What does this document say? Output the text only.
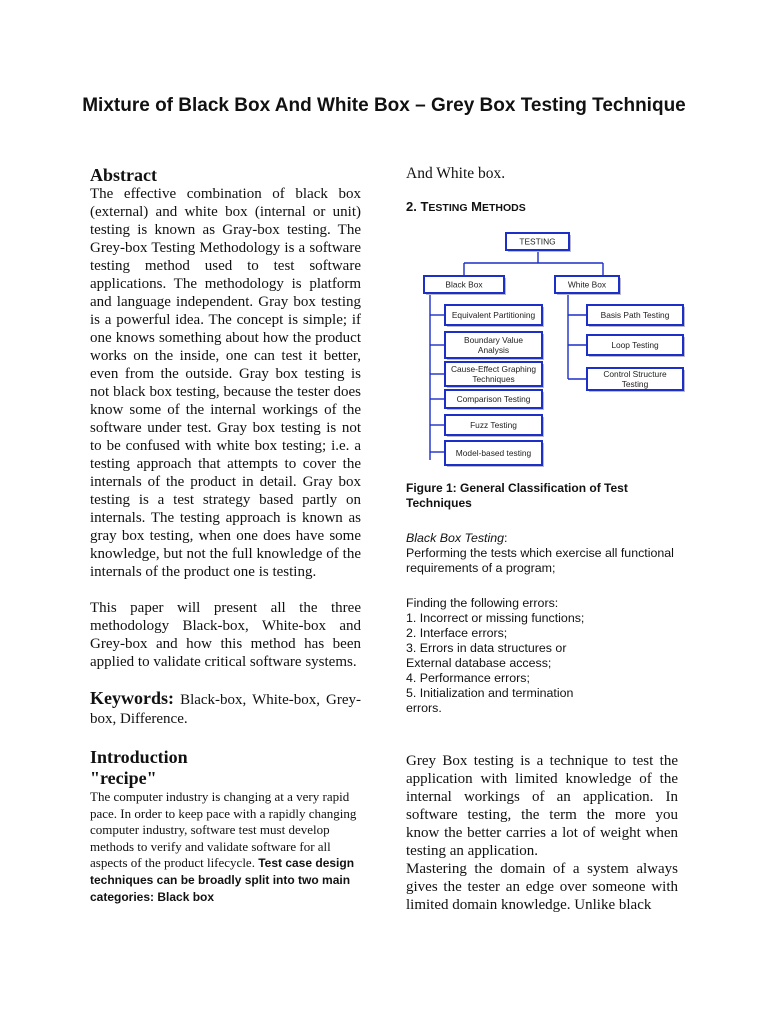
Mixture of Black Box And White Box – Grey Box Testing Technique
Abstract

The effective combination of black box (external) and white box (internal or unit) testing is known as Gray-box testing. The Grey-box Testing Methodology is a software testing method used to test software applications. The methodology is platform and language independent. Gray box testing is a powerful idea. The concept is simple; if one knows something about how the product works on the inside, one can test it better, even from the outside. Gray box testing is not black box testing, because the tester does know some of the internal workings of the software under test. Gray box testing is not to be confused with white box testing; i.e. a testing approach that attempts to cover the internals of the product in detail. Gray box testing is a test strategy based partly on internals. The testing approach is known as gray box testing, when one does have some knowledge, but not the full knowledge of the internals of the product one is testing.

This paper will present all the three methodology Black-box, White-box and Grey-box and how this method has been applied to validate critical software systems.

Keywords: Black-box, White-box, Grey-box, Difference.

Introduction
"recipe"

The computer industry is changing at a very rapid pace. In order to keep pace with a rapidly changing computer industry, software test must develop methods to verify and validate software for all aspects of the product lifecycle. Test case design techniques can be broadly split into two main categories: Black box

And White box.

2. TESTING METHODS

TESTING
Black Box	White Box
Equivalent Partitioning
Boundary Value
Analysis
Cause-Effect Graphing
Techniques
Comparison Testing
Fuzz Testing
Model-based testing
Basis Path Testing
Loop Testing
Control Structure
Testing

Figure 1: General Classification of Test Techniques

Black Box Testing:

Performing the tests which exercise all functional requirements of a program;

Finding the following errors:

1. Incorrect or missing functions;

2. Interface errors;

3. Errors in data structures or

External database access;

4. Performance errors;

5. Initialization and termination

errors.

Grey Box testing is a technique to test the application with limited knowledge of the internal workings of an application. In software testing, the term the more you know the better carries a lot of weight when testing an application.

Mastering the domain of a system always gives the tester an edge over someone with limited domain knowledge. Unlike black
